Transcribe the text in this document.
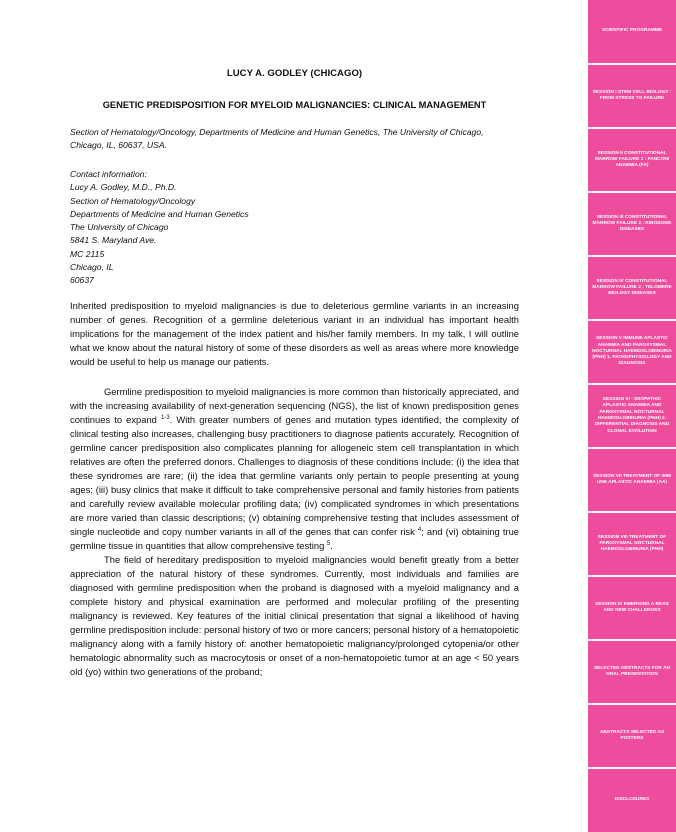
LUCY A. GODLEY (CHICAGO)

GENETIC PREDISPOSITION FOR MYELOID MALIGNANCIES: CLINICAL MANAGEMENT

Section of Hematology/Oncology, Departments of Medicine and Human Genetics, The University of Chicago, Chicago, IL, 60637, USA.

Contact information:
Lucy A. Godley, M.D., Ph.D.
Section of Hematology/Oncology
Departments of Medicine and Human Genetics
The University of Chicago
5841 S. Maryland Ave.
MC 2115
Chicago, IL
60637

Inherited predisposition to myeloid malignancies is due to deleterious germline variants in an increasing number of genes. Recognition of a germline deleterious variant in an individual has important health implications for the management of the index patient and his/her family members. In my talk, I will outline what we know about the natural history of some of these disorders as well as areas where more knowledge would be useful to help us manage our patients.

Germline predisposition to myeloid malignancies is more common than historically appreciated, and with the increasing availability of next-generation sequencing (NGS), the list of known predisposition genes continues to expand $^{1-3}$. With greater numbers of genes and mutation types identified, the complexity of clinical testing also increases, challenging busy practitioners to diagnose patients accurately. Recognition of germline cancer predisposition also complicates planning for allogeneic stem cell transplantation in which relatives are often the preferred donors. Challenges to diagnosis of these conditions include: (i) the idea that these syndromes are rare; (ii) the idea that germline variants only pertain to people presenting at young ages; (iii) busy clinics that make it difficult to take comprehensive personal and family histories from patients and carefully review available molecular profiling data; (iv) complicated syndromes in which presentations are more varied than classic descriptions; (v) obtaining comprehensive testing that includes assessment of single nucleotide and copy number variants in all of the genes that can confer risk $^4$; and (vi) obtaining true germline tissue in quantities that allow comprehensive testing $^5$.

The field of hereditary predisposition to myeloid malignancies would benefit greatly from a better appreciation of the natural history of these syndromes. Currently, most individuals and families are diagnosed with germline predisposition when the proband is diagnosed with a myeloid malignancy and a complete history and physical examination are performed and molecular profiling of the presenting malignancy is reviewed. Key features of the initial clinical presentation that signal a likelihood of having germline predisposition include: personal history of two or more cancers; personal history of a hematopoietic malignancy along with a family history of: another hematopoietic malignancy/prolonged cytopenia/or other hematologic abnormality such as macrocytosis or onset of a non-hematopoietic tumor at an age < 50 years old (yo) within two generations of the proband;

SCIENTIFIC PROGRAMME
SESSION I STEM CELL BIOLOGY : FROM STRESS TO FAILURE
SESSION II CONSTITUTIONAL MARROW FAILURE 1 : FANCONI ANAEMIA (FA)
SESSION III CONSTITUTIONAL MARROW FAILURE 2 : RIBOSOME DISEASES
SESSION IV CONSTITUTIONAL MARROW FAILURE 3 : TELOMERE BIOLOGY DISEASES
SESSION V IMMUNE APLASTIC ANAEMIA AND PAROXYSMAL NOCTURNAL HAEMOGLOBINURIA (PNH) 1. PATHOPHYSIOLOGY AND DIAGNOSIS
SESSION VI - IDIOPATHIC APLASTIC ANAEMIA AND PAROXYSMAL NOCTURNAL HAEMOGLOBINURIA (PNH) 2. DIFFERENTIAL DIAGNOSIS AND CLONAL EVOLUTION
SESSION VII TREATMENT OF IMM UNE APLASTIC ANAEMIA (AA)
SESSION VIII TREATMENT OF PAROXYSMAL NOCTURNAL HAEMOGLOBINURIA (PNH)
SESSION IX EMERGING A REAS AND NEW CHALLENGES
SELECTED ABSTRACTS FOR AN ORAL PRESENTATION
ABSTRACTS SELECTED AS POSTERS
DISCLOSURES
